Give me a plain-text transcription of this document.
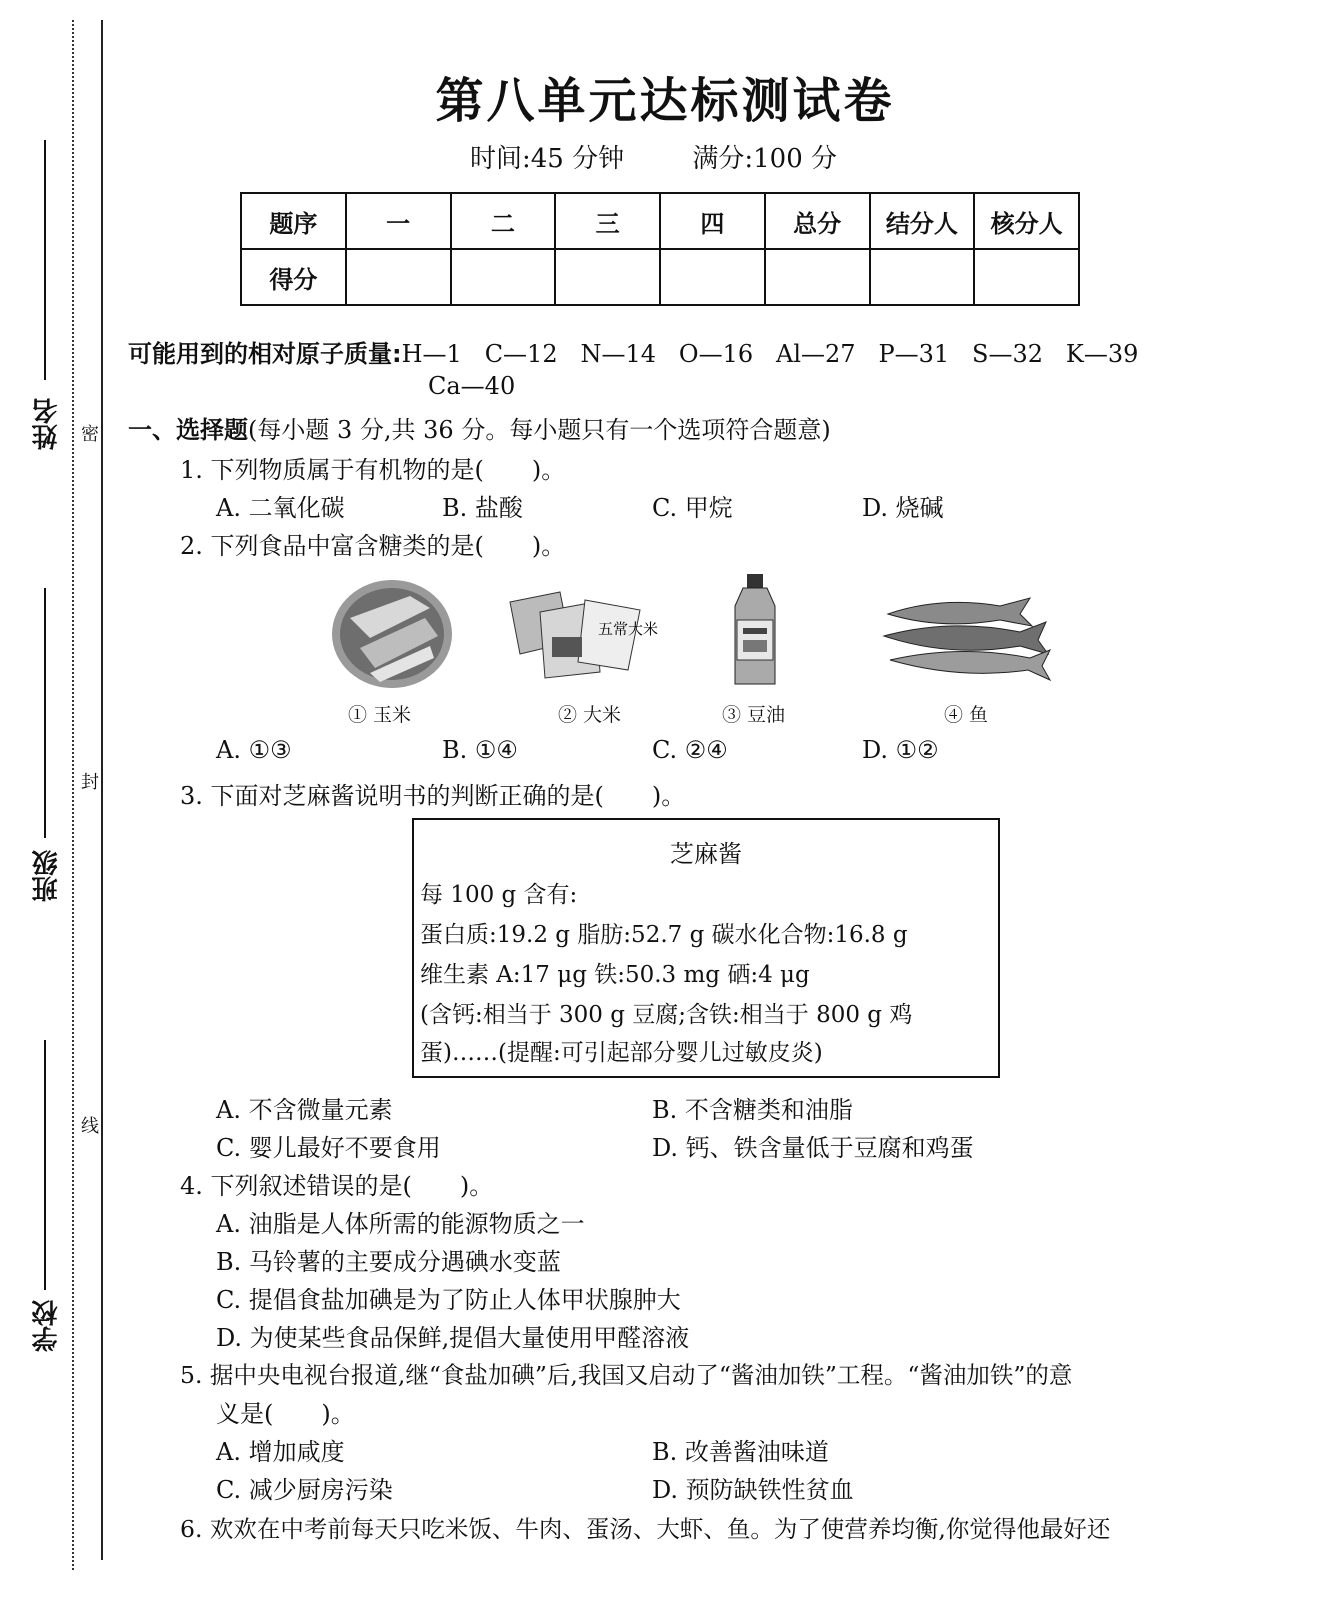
密
封
线
姓名
班级
学校
第八单元达标测试卷
时间:45 分钟	满分:100 分
题序	一	二	三	四	总分	结分人	核分人
得分							
可能用到的相对原子质量:H—1   C—12   N—14   O—16   Al—27   P—31   S—32   K—39
Ca—40
一、选择题(每小题 3 分,共 36 分。每小题只有一个选项符合题意)
1. 下列物质属于有机物的是(　　)。
A. 二氧化碳	B. 盐酸	C. 甲烷	D. 烧碱
2. 下列食品中富含糖类的是(　　)。
五常大米
① 玉米	② 大米	③ 豆油	④ 鱼
A. ①③	B. ①④	C. ②④	D. ①②
3. 下面对芝麻酱说明书的判断正确的是(　　)。
芝麻酱
每 100 g 含有:
蛋白质:19.2 g 脂肪:52.7 g 碳水化合物:16.8 g
维生素 A:17 μg 铁:50.3 mg 硒:4 μg
(含钙:相当于 300 g 豆腐;含铁:相当于 800 g 鸡
蛋)……(提醒:可引起部分婴儿过敏皮炎)
A. 不含微量元素	B. 不含糖类和油脂
C. 婴儿最好不要食用	D. 钙、铁含量低于豆腐和鸡蛋
4. 下列叙述错误的是(　　)。
A. 油脂是人体所需的能源物质之一
B. 马铃薯的主要成分遇碘水变蓝
C. 提倡食盐加碘是为了防止人体甲状腺肿大
D. 为使某些食品保鲜,提倡大量使用甲醛溶液
5. 据中央电视台报道,继“食盐加碘”后,我国又启动了“酱油加铁”工程。“酱油加铁”的意
义是(　　)。
A. 增加咸度	B. 改善酱油味道
C. 减少厨房污染	D. 预防缺铁性贫血
6. 欢欢在中考前每天只吃米饭、牛肉、蛋汤、大虾、鱼。为了使营养均衡,你觉得他最好还
